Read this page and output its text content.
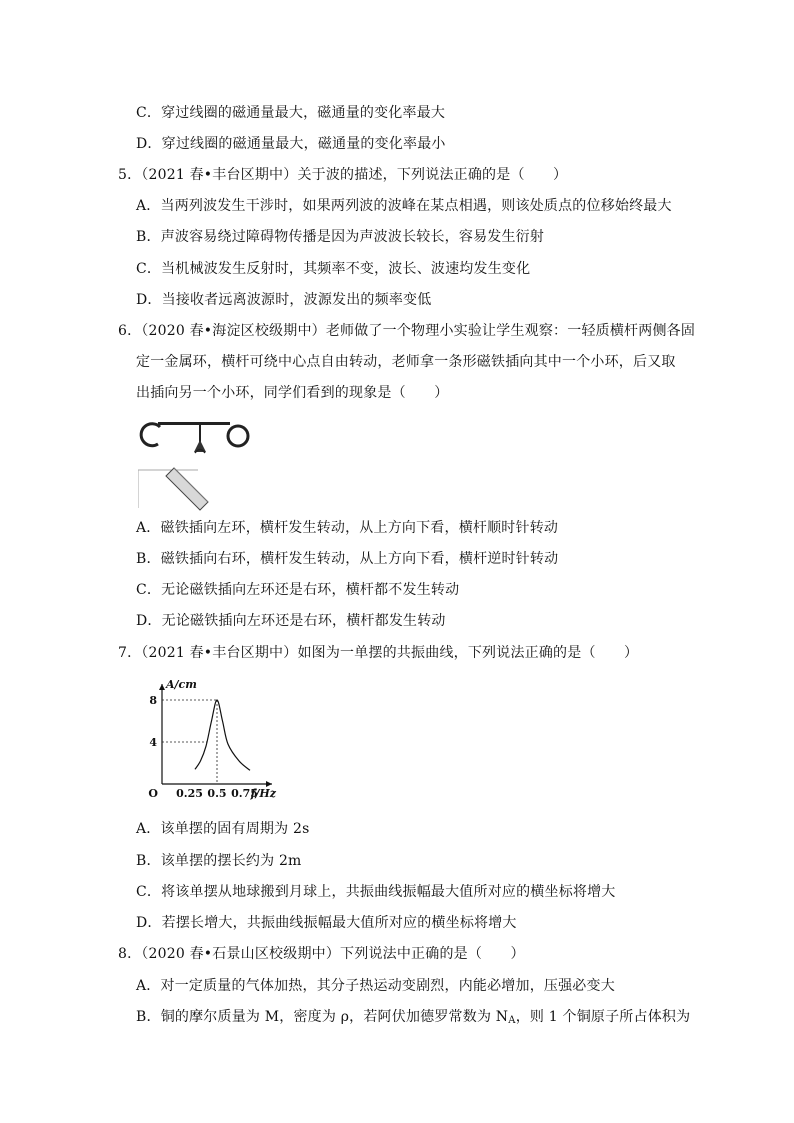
C．穿过线圈的磁通量最大，磁通量的变化率最大
D．穿过线圈的磁通量最大，磁通量的变化率最小
5．（2021 春•丰台区期中）关于波的描述，下列说法正确的是（　　）
A．当两列波发生干涉时，如果两列波的波峰在某点相遇，则该处质点的位移始终最大
B．声波容易绕过障碍物传播是因为声波波长较长，容易发生衍射
C．当机械波发生反射时，其频率不变，波长、波速均发生变化
D．当接收者远离波源时，波源发出的频率变低
6．（2020 春•海淀区校级期中）老师做了一个物理小实验让学生观察：一轻质横杆两侧各固
定一金属环，横杆可绕中心点自由转动，老师拿一条形磁铁插向其中一个小环，后又取
出插向另一个小环，同学们看到的现象是（　　）
A．磁铁插向左环，横杆发生转动，从上方向下看，横杆顺时针转动
B．磁铁插向右环，横杆发生转动，从上方向下看，横杆逆时针转动
C．无论磁铁插向左环还是右环，横杆都不发生转动
D．无论磁铁插向左环还是右环，横杆都发生转动
7．（2021 春•丰台区期中）如图为一单摆的共振曲线，下列说法正确的是（　　）
O 0.25 0.5 0.75
4
8
A/cm
f/Hz
A．该单摆的固有周期为 2s
B．该单摆的摆长约为 2m
C．将该单摆从地球搬到月球上，共振曲线振幅最大值所对应的横坐标将增大
D．若摆长增大，共振曲线振幅最大值所对应的横坐标将增大
8．（2020 春•石景山区校级期中）下列说法中正确的是（　　）
A．对一定质量的气体加热，其分子热运动变剧烈，内能必增加，压强必变大
B．铜的摩尔质量为 M，密度为 ρ，若阿伏加德罗常数为 $N_A$，则 1 个铜原子所占体积为
